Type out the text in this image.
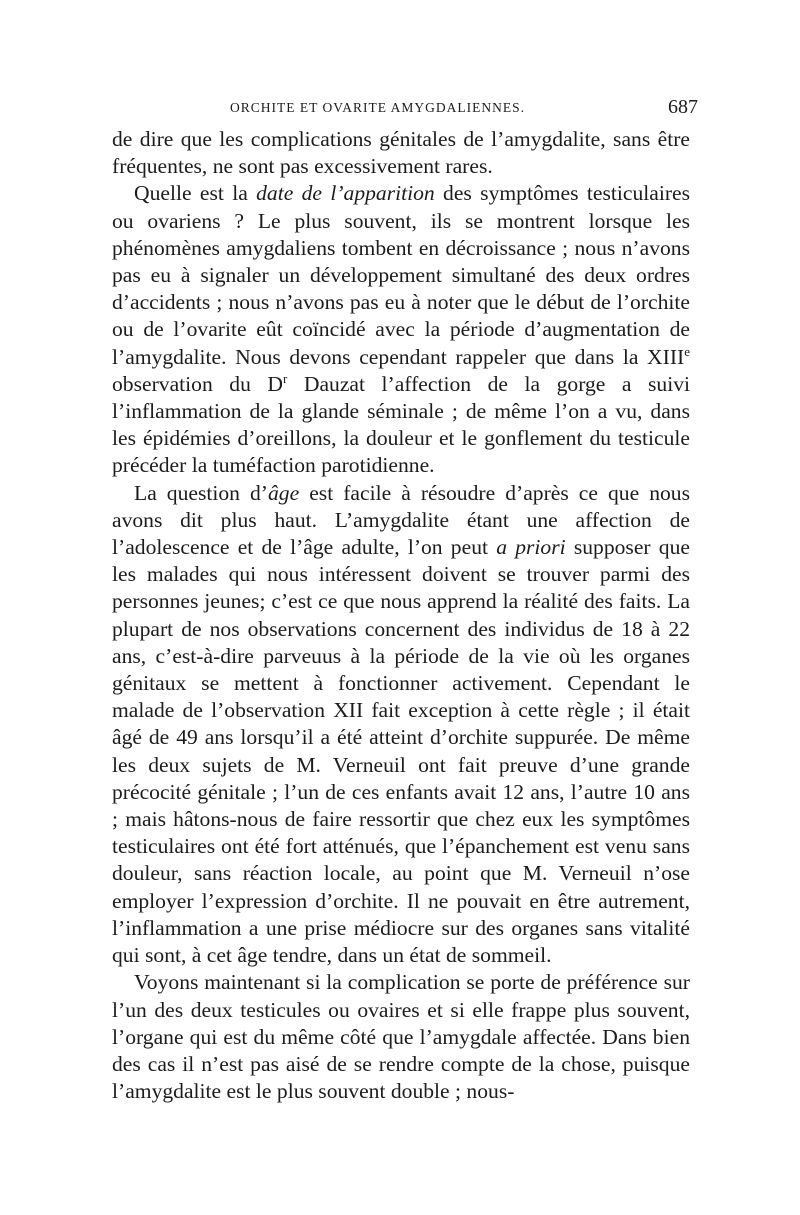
ORCHITE ET OVARITE AMYGDALIENNES.	687

de dire que les complications génitales de l’amygdalite, sans être fréquentes, ne sont pas excessivement rares.

Quelle est la date de l’apparition des symptômes testiculaires ou ovariens ? Le plus souvent, ils se montrent lorsque les phénomènes amygdaliens tombent en décroissance ; nous n’avons pas eu à signaler un développement simultané des deux ordres d’accidents ; nous n’avons pas eu à noter que le début de l’orchite ou de l’ovarite eût coïncidé avec la période d’augmentation de l’amygdalite. Nous devons cependant rappeler que dans la XIIIe observation du $D^r$ Dauzat l’affection de la gorge a suivi l’inflammation de la glande séminale ; de même l’on a vu, dans les épidémies d’oreillons, la douleur et le gonflement du testicule précéder la tuméfaction parotidienne.

La question d’âge est facile à résoudre d’après ce que nous avons dit plus haut. L’amygdalite étant une affection de l’adolescence et de l’âge adulte, l’on peut a priori supposer que les malades qui nous intéressent doivent se trouver parmi des personnes jeunes; c’est ce que nous apprend la réalité des faits. La plupart de nos observations concernent des individus de 18 à 22 ans, c’est-à-dire parveuus à la période de la vie où les organes génitaux se mettent à fonctionner activement. Cependant le malade de l’observation XII fait exception à cette règle ; il était âgé de 49 ans lorsqu’il a été atteint d’orchite suppurée. De même les deux sujets de M. Verneuil ont fait preuve d’une grande précocité génitale ; l’un de ces enfants avait 12 ans, l’autre 10 ans ; mais hâtons-nous de faire ressortir que chez eux les symptômes testiculaires ont été fort atténués, que l’épanchement est venu sans douleur, sans réaction locale, au point que M. Verneuil n’ose employer l’expression d’orchite. Il ne pouvait en être autrement, l’inflammation a une prise médiocre sur des organes sans vitalité qui sont, à cet âge tendre, dans un état de sommeil.

Voyons maintenant si la complication se porte de préférence sur l’un des deux testicules ou ovaires et si elle frappe plus souvent, l’organe qui est du même côté que l’amygdale affectée. Dans bien des cas il n’est pas aisé de se rendre compte de la chose, puisque l’amygdalite est le plus souvent double ; nous-
